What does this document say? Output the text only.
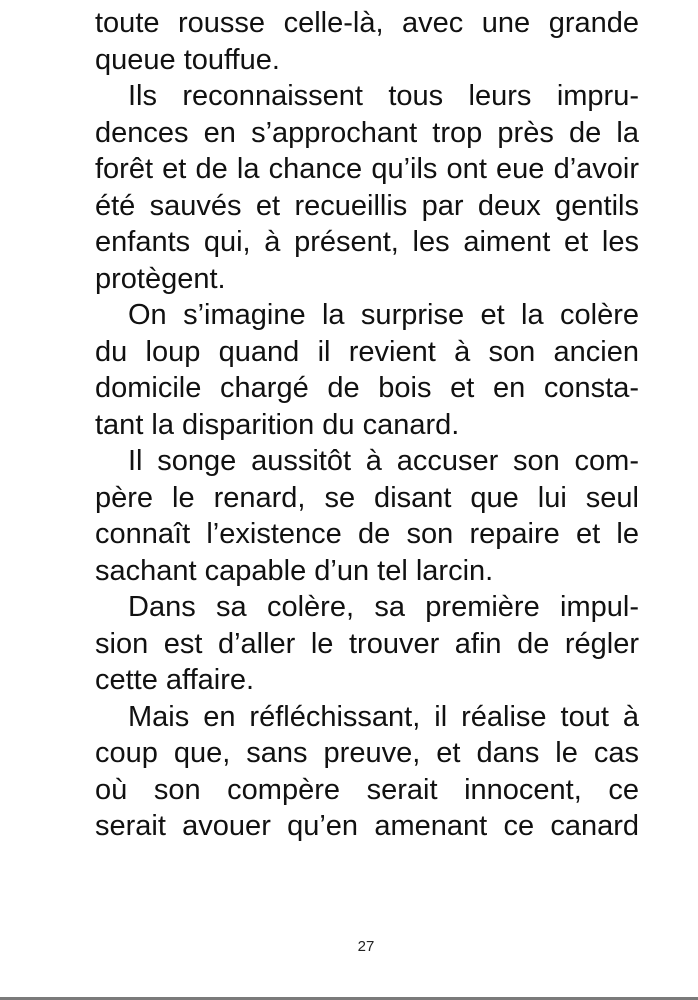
toute rousse celle-là, avec une grande
queue touffue.
Ils reconnaissent tous leurs impru-
dences en s’approchant trop près de la
forêt et de la chance qu’ils ont eue d’avoir
été sauvés et recueillis par deux gentils
enfants qui, à présent, les aiment et les
protègent.
On s’imagine la surprise et la colère
du loup quand il revient à son ancien
domicile chargé de bois et en consta-
tant la disparition du canard.
Il songe aussitôt à accuser son com-
père le renard, se disant que lui seul
connaît l’existence de son repaire et le
sachant capable d’un tel larcin.
Dans sa colère, sa première impul-
sion est d’aller le trouver afin de régler
cette affaire.
Mais en réfléchissant, il réalise tout à
coup que, sans preuve, et dans le cas
où son compère serait innocent, ce
serait avouer qu’en amenant ce canard
27
